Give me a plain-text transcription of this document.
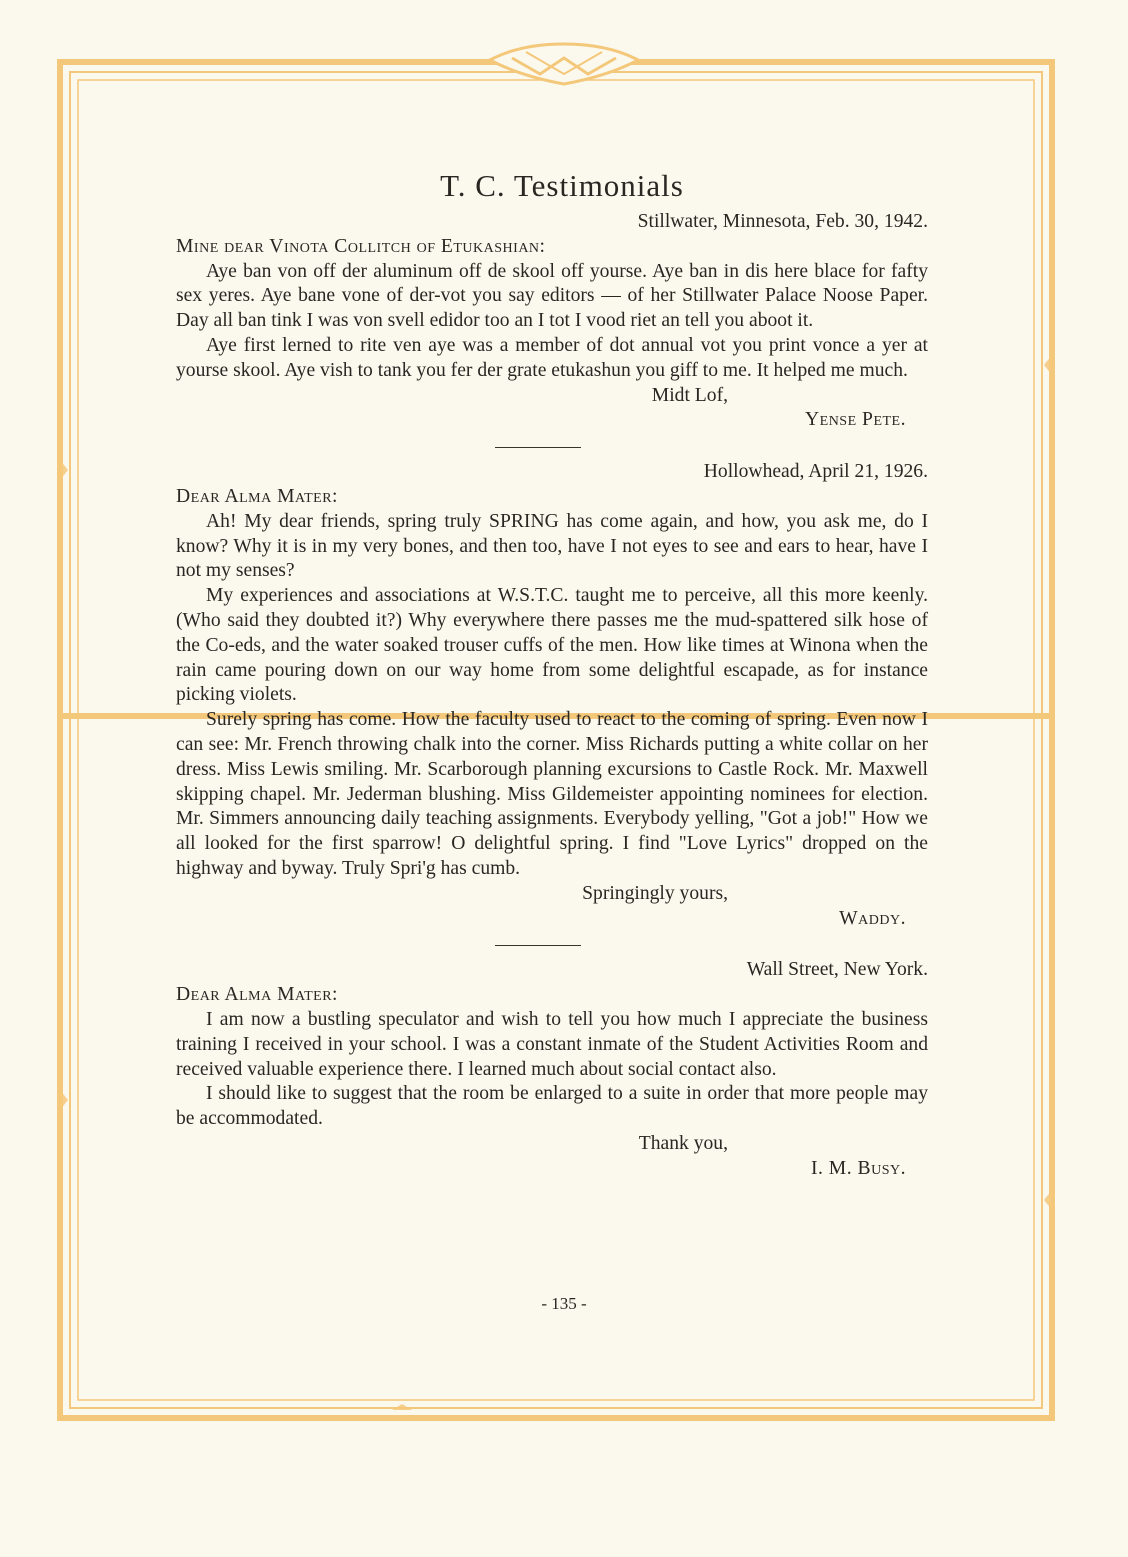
T. C. Testimonials
Stillwater, Minnesota, Feb. 30, 1942.
Mine dear Vinota Collitch of Etukashian:

Aye ban von off der aluminum off de skool off yourse. Aye ban in dis here blace for fafty sex yeres. Aye bane vone of der-vot you say editors — of her Stillwater Palace Noose Paper. Day all ban tink I was von svell edidor too an I tot I vood riet an tell you aboot it.

Aye first lerned to rite ven aye was a member of dot annual vot you print vonce a yer at yourse skool. Aye vish to tank you fer der grate etukashun you giff to me. It helped me much.

Midt Lof,
Yense Pete.
Hollowhead, April 21, 1926.
Dear Alma Mater:

Ah! My dear friends, spring truly SPRING has come again, and how, you ask me, do I know? Why it is in my very bones, and then too, have I not eyes to see and ears to hear, have I not my senses?

My experiences and associations at W.S.T.C. taught me to perceive, all this more keenly. (Who said they doubted it?) Why everywhere there passes me the mud-spattered silk hose of the Co-eds, and the water soaked trouser cuffs of the men. How like times at Winona when the rain came pouring down on our way home from some delightful escapade, as for instance picking violets.

Surely spring has come. How the faculty used to react to the coming of spring. Even now I can see: Mr. French throwing chalk into the corner. Miss Richards putting a white collar on her dress. Miss Lewis smiling. Mr. Scarborough planning excursions to Castle Rock. Mr. Maxwell skipping chapel. Mr. Jederman blushing. Miss Gildemeister appointing nominees for election. Mr. Simmers announcing daily teaching assignments. Everybody yelling, "Got a job!" How we all looked for the first sparrow! O delightful spring. I find "Love Lyrics" dropped on the highway and byway. Truly Spri'g has cumb.

Springingly yours,
Waddy.
Wall Street, New York.
Dear Alma Mater:

I am now a bustling speculator and wish to tell you how much I appreciate the business training I received in your school. I was a constant inmate of the Student Activities Room and received valuable experience there. I learned much about social contact also.

I should like to suggest that the room be enlarged to a suite in order that more people may be accommodated.

Thank you,
I. M. Busy.
- 135 -
